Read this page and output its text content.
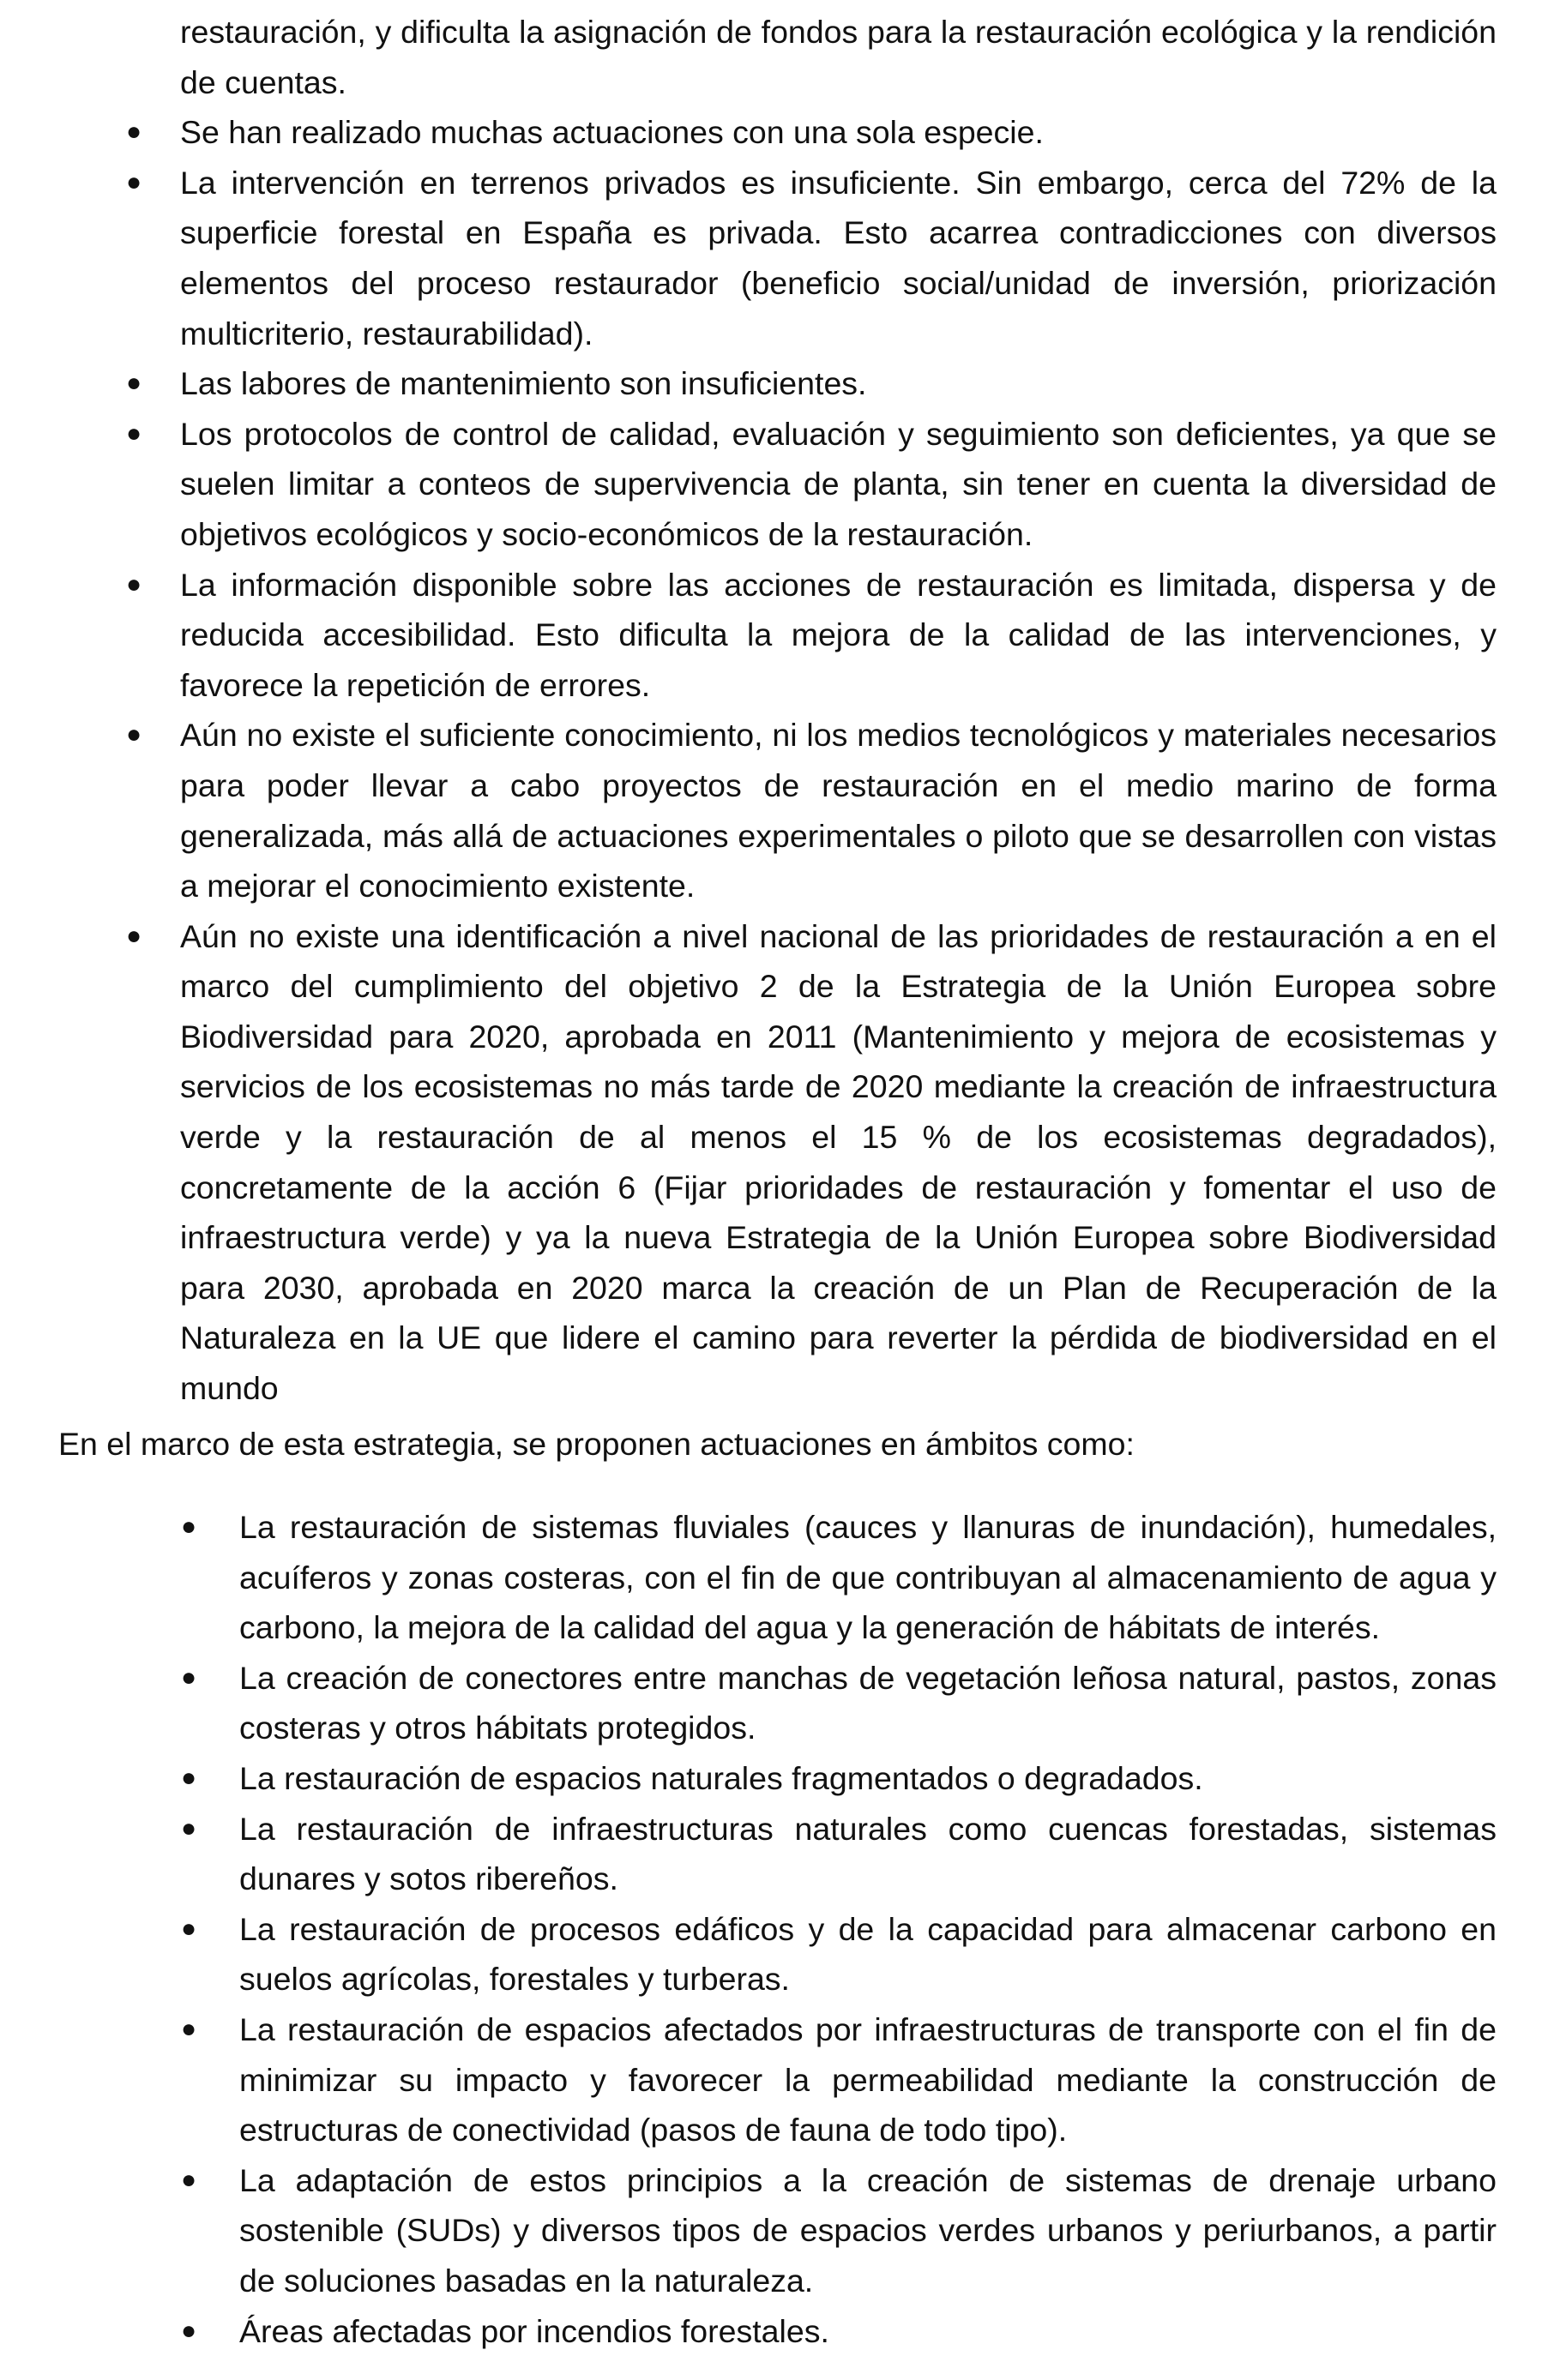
restauración, y dificulta la asignación de fondos para la restauración ecológica y la rendición de cuentas.
● Se han realizado muchas actuaciones con una sola especie.
● La intervención en terrenos privados es insuficiente. Sin embargo, cerca del 72% de la superficie forestal en España es privada. Esto acarrea contradicciones con diversos elementos del proceso restaurador (beneficio social/unidad de inversión, priorización multicriterio, restaurabilidad).
● Las labores de mantenimiento son insuficientes.
● Los protocolos de control de calidad, evaluación y seguimiento son deficientes, ya que se suelen limitar a conteos de supervivencia de planta, sin tener en cuenta la diversidad de objetivos ecológicos y socio-económicos de la restauración.
● La información disponible sobre las acciones de restauración es limitada, dispersa y de reducida accesibilidad. Esto dificulta la mejora de la calidad de las intervenciones, y favorece la repetición de errores.
● Aún no existe el suficiente conocimiento, ni los medios tecnológicos y materiales necesarios para poder llevar a cabo proyectos de restauración en el medio marino de forma generalizada, más allá de actuaciones experimentales o piloto que se desarrollen con vistas a mejorar el conocimiento existente.
● Aún no existe una identificación a nivel nacional de las prioridades de restauración a en el marco del cumplimiento del objetivo 2 de la Estrategia de la Unión Europea sobre Biodiversidad para 2020, aprobada en 2011 (Mantenimiento y mejora de ecosistemas y servicios de los ecosistemas no más tarde de 2020 mediante la creación de infraestructura verde y la restauración de al menos el 15 % de los ecosistemas degradados), concretamente de la acción 6 (Fijar prioridades de restauración y fomentar el uso de infraestructura verde) y ya la nueva Estrategia de la Unión Europea sobre Biodiversidad para 2030, aprobada en 2020 marca la creación de un Plan de Recuperación de la Naturaleza en la UE que lidere el camino para reverter la pérdida de biodiversidad en el mundo

En el marco de esta estrategia, se proponen actuaciones en ámbitos como:

● La restauración de sistemas fluviales (cauces y llanuras de inundación), humedales, acuíferos y zonas costeras, con el fin de que contribuyan al almacenamiento de agua y carbono, la mejora de la calidad del agua y la generación de hábitats de interés.
● La creación de conectores entre manchas de vegetación leñosa natural, pastos, zonas costeras y otros hábitats protegidos.
● La restauración de espacios naturales fragmentados o degradados.
● La restauración de infraestructuras naturales como cuencas forestadas, sistemas dunares y sotos ribereños.
● La restauración de procesos edáficos y de la capacidad para almacenar carbono en suelos agrícolas, forestales y turberas.
● La restauración de espacios afectados por infraestructuras de transporte con el fin de minimizar su impacto y favorecer la permeabilidad mediante la construcción de estructuras de conectividad (pasos de fauna de todo tipo).
● La adaptación de estos principios a la creación de sistemas de drenaje urbano sostenible (SUDs) y diversos tipos de espacios verdes urbanos y periurbanos, a partir de soluciones basadas en la naturaleza.
● Áreas afectadas por incendios forestales.
